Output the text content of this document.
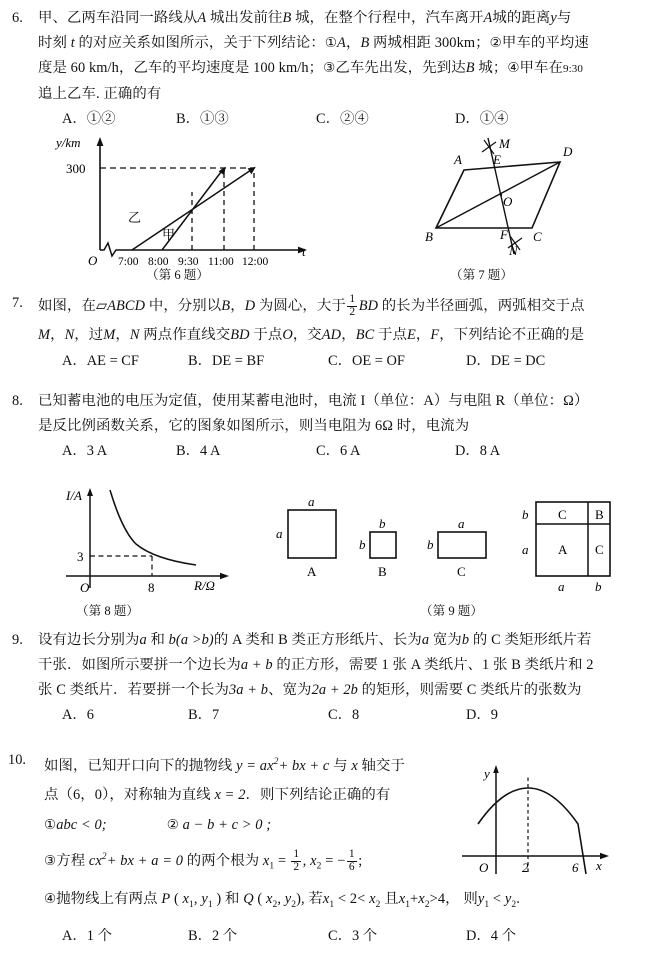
6. 甲、乙两车沿同一路线从A 城出发前往B 城，在整个行程中，汽车离开A城的距离y与
时刻 t 的对应关系如图所示，关于下列结论：①A，B 两城相距 300km；②甲车的平均速
度是 60 km/h，乙车的平均速度是 100 km/h；③乙车先出发，先到达B 城；④甲车在9:30
追上乙车. 正确的有
A．①②	B．①③	C．②④	D．①④
y/km
300
O
t
乙
甲
7:00 8:00 9:30 11:00 12:00
（第 6 题）
A
B	C
D
M
N
E
F
O
（第 7 题）
7. 如图，在▱ABCD 中，分别以B，D 为圆心，大于 $\frac{1}{2}$ BD 的长为半径画弧，两弧相交于点
M，N，过M，N 两点作直线交BD 于点O，交AD，BC 于点E，F，下列结论不正确的是
A．AE = CF	B．DE = BF	C．OE = OF	D．DE = DC
8. 已知蓄电池的电压为定值，使用某蓄电池时，电流 I（单位：A）与电阻 R（单位：Ω）
是反比例函数关系，它的图象如图所示，则当电阻为 6Ω 时，电流为
A．3 A	B．4 A	C．6 A	D．8 A
I/A
3
O	8	R/Ω
（第 8 题）
a
a
A
b
b
B
a
b
C
C B
A C
b
a
a b
（第 9 题）
9. 设有边长分别为a 和 b(a >b)的 A 类和 B 类正方形纸片、长为a 宽为b 的 C 类矩形纸片若
干张．如图所示要拼一个边长为a + b 的正方形，需要 1 张 A 类纸片、1 张 B 类纸片和 2
张 C 类纸片．若要拼一个长为3a + b、宽为2a + 2b 的矩形，则需要 C 类纸片的张数为
A．6	B．7	C．8	D．9
10. 如图，已知开口向下的抛物线 $y = ax^2+$ bx + c 与 x 轴交于
点（6，0），对称轴为直线 x = 2．则下列结论正确的有
①abc < 0;	② a − b + c > 0 ;
③方程 $cx^2+$ bx + a = 0 的两个根为 $x_1 = \frac{1}{2}$ , $x_2$ = − $\frac{1}{6}$ ;
④抛物线上有两点 P ( $x_1$, $y_1$ ) 和 Q ( $x_2$, $y_2$), 若$x_1 < 2< x_2$ 且$x_1+x_2>4$， 则$y_1 < y_2$.
A．1 个	B．2 个	C．3 个	D．4 个
y
O	2	6 x
